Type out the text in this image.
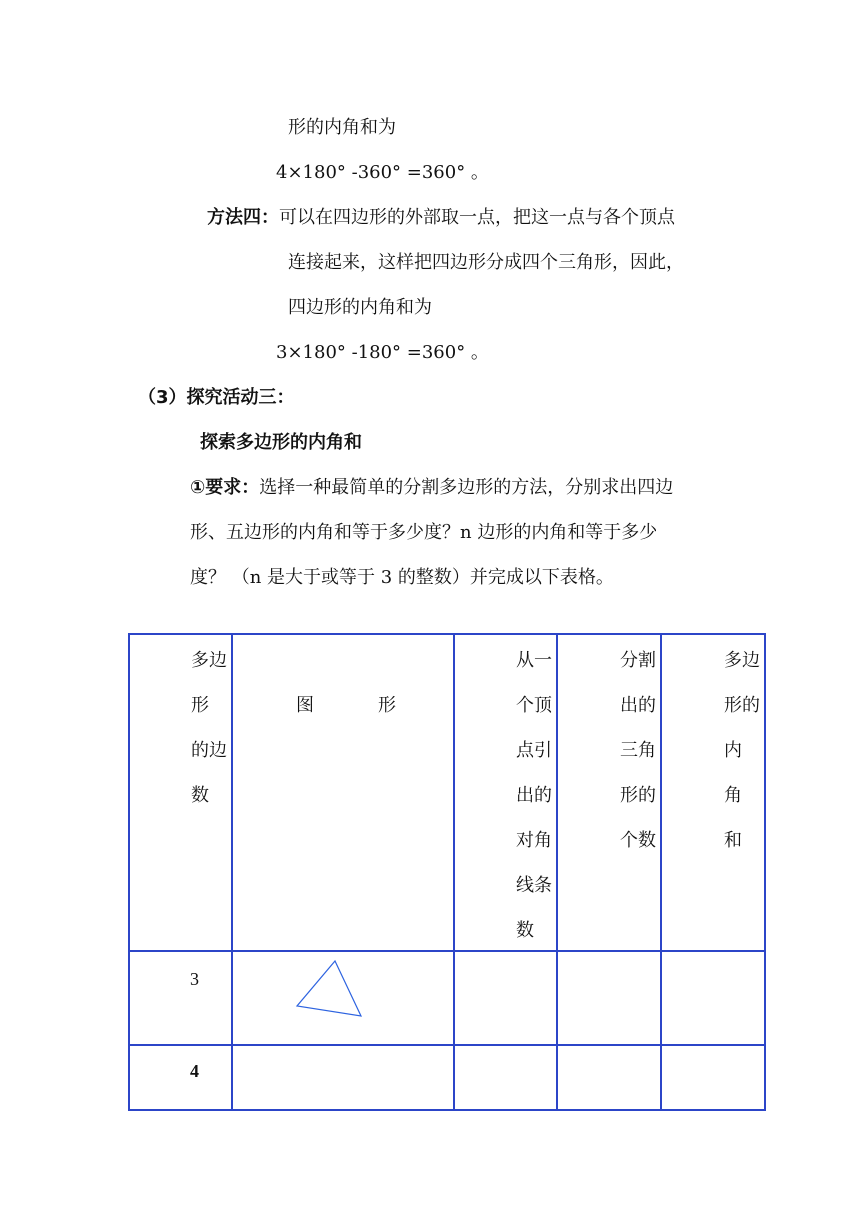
形的内角和为
4×180° -360° =360° 。
方法四：可以在四边形的外部取一点，把这一点与各个顶点
连接起来，这样把四边形分成四个三角形，因此，
四边形的内角和为
3×180° -180° =360° 。
（3）探究活动三：
探索多边形的内角和
①要求：选择一种最简单的分割多边形的方法，分别求出四边
形、五边形的内角和等于多少度？n 边形的内角和等于多少
度？ （n 是大于或等于 3 的整数）并完成以下表格。
多边
形
的边
数
图	形
从一
个顶
点引
出的
对角
线条
数
分割
出的
三角
形的
个数
多边
形的
内
角
和
3
4
